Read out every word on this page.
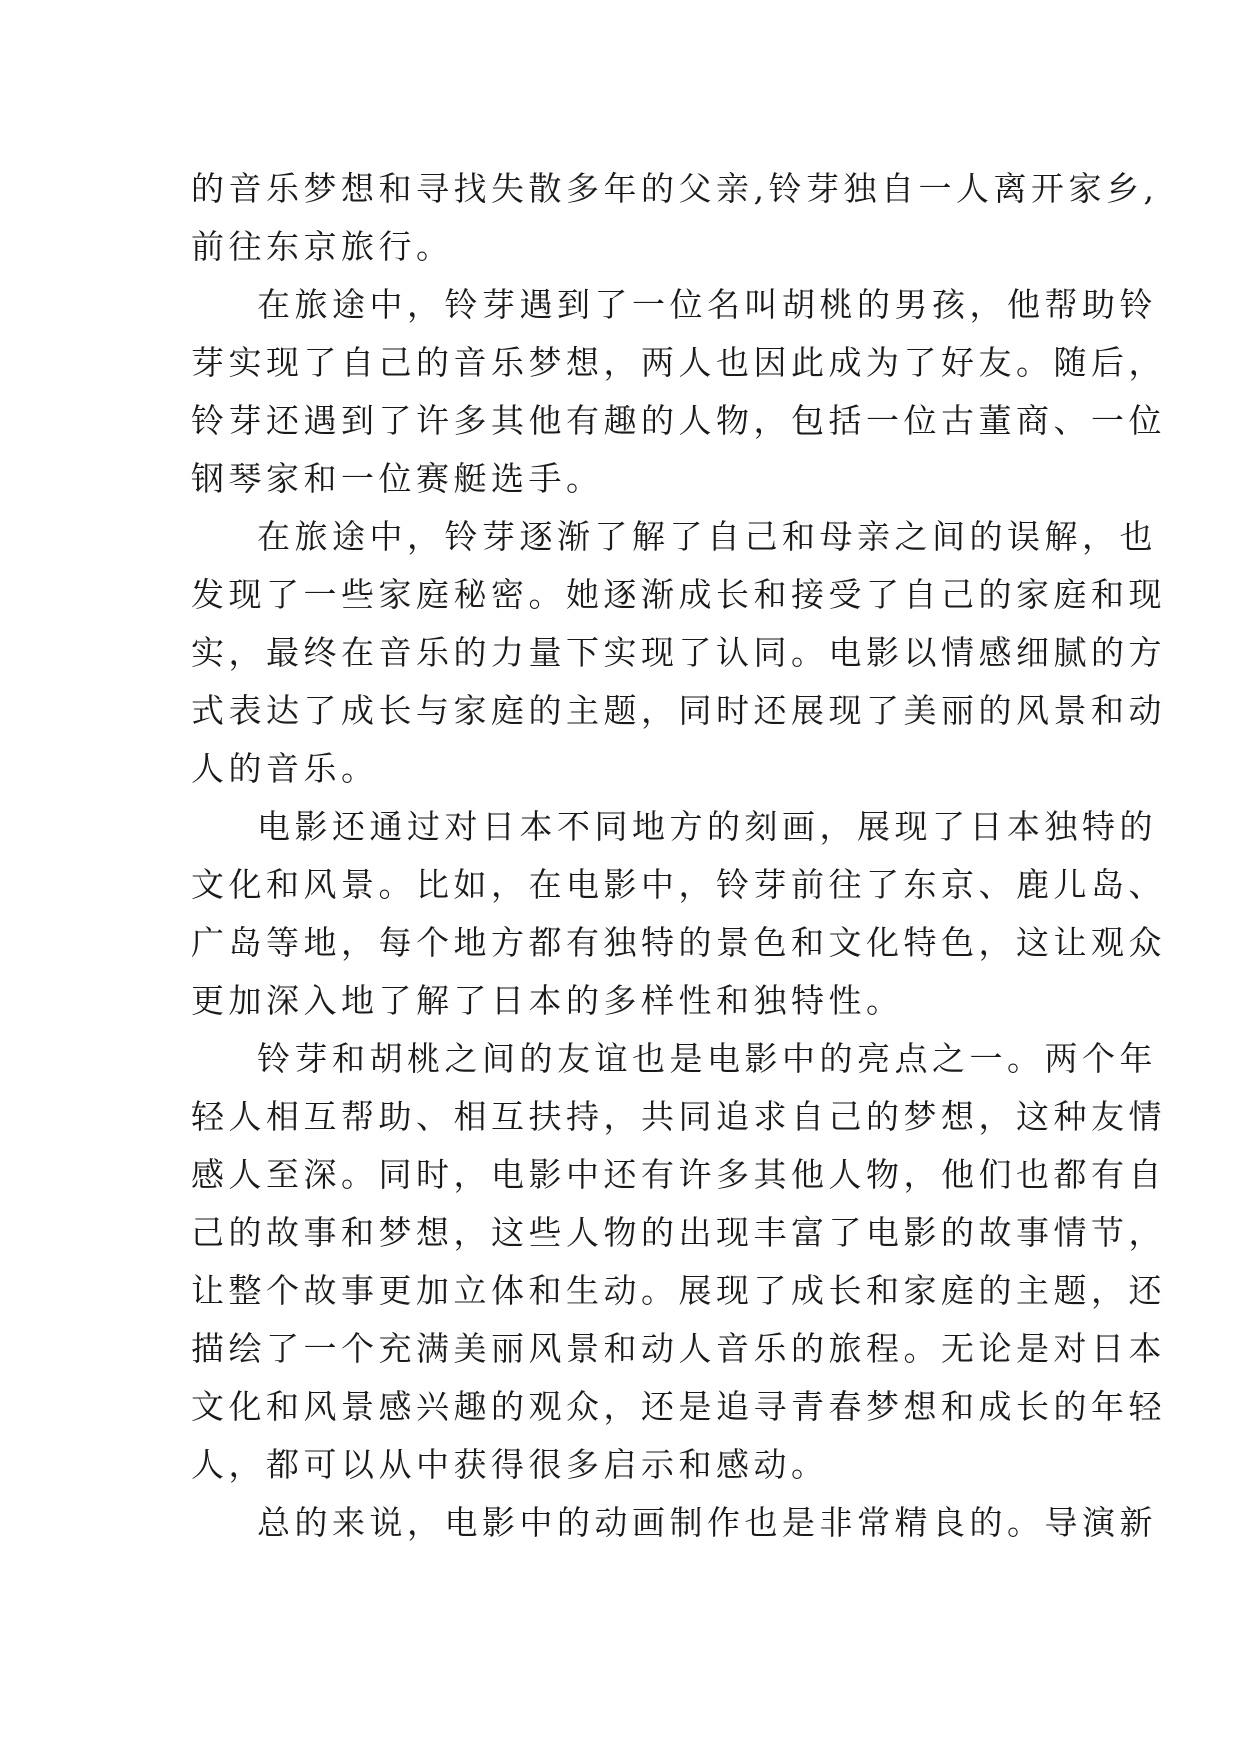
的音乐梦想和寻找失散多年的父亲,铃芽独自一人离开家乡,
前往东京旅行。
在旅途中，铃芽遇到了一位名叫胡桃的男孩，他帮助铃
芽实现了自己的音乐梦想，两人也因此成为了好友。随后，
铃芽还遇到了许多其他有趣的人物，包括一位古董商、一位
钢琴家和一位赛艇选手。
在旅途中，铃芽逐渐了解了自己和母亲之间的误解，也
发现了一些家庭秘密。她逐渐成长和接受了自己的家庭和现
实，最终在音乐的力量下实现了认同。电影以情感细腻的方
式表达了成长与家庭的主题，同时还展现了美丽的风景和动
人的音乐。
电影还通过对日本不同地方的刻画，展现了日本独特的
文化和风景。比如，在电影中，铃芽前往了东京、鹿儿岛、
广岛等地，每个地方都有独特的景色和文化特色，这让观众
更加深入地了解了日本的多样性和独特性。
铃芽和胡桃之间的友谊也是电影中的亮点之一。两个年
轻人相互帮助、相互扶持，共同追求自己的梦想，这种友情
感人至深。同时，电影中还有许多其他人物，他们也都有自
己的故事和梦想，这些人物的出现丰富了电影的故事情节，
让整个故事更加立体和生动。展现了成长和家庭的主题，还
描绘了一个充满美丽风景和动人音乐的旅程。无论是对日本
文化和风景感兴趣的观众，还是追寻青春梦想和成长的年轻
人，都可以从中获得很多启示和感动。
总的来说，电影中的动画制作也是非常精良的。导演新
